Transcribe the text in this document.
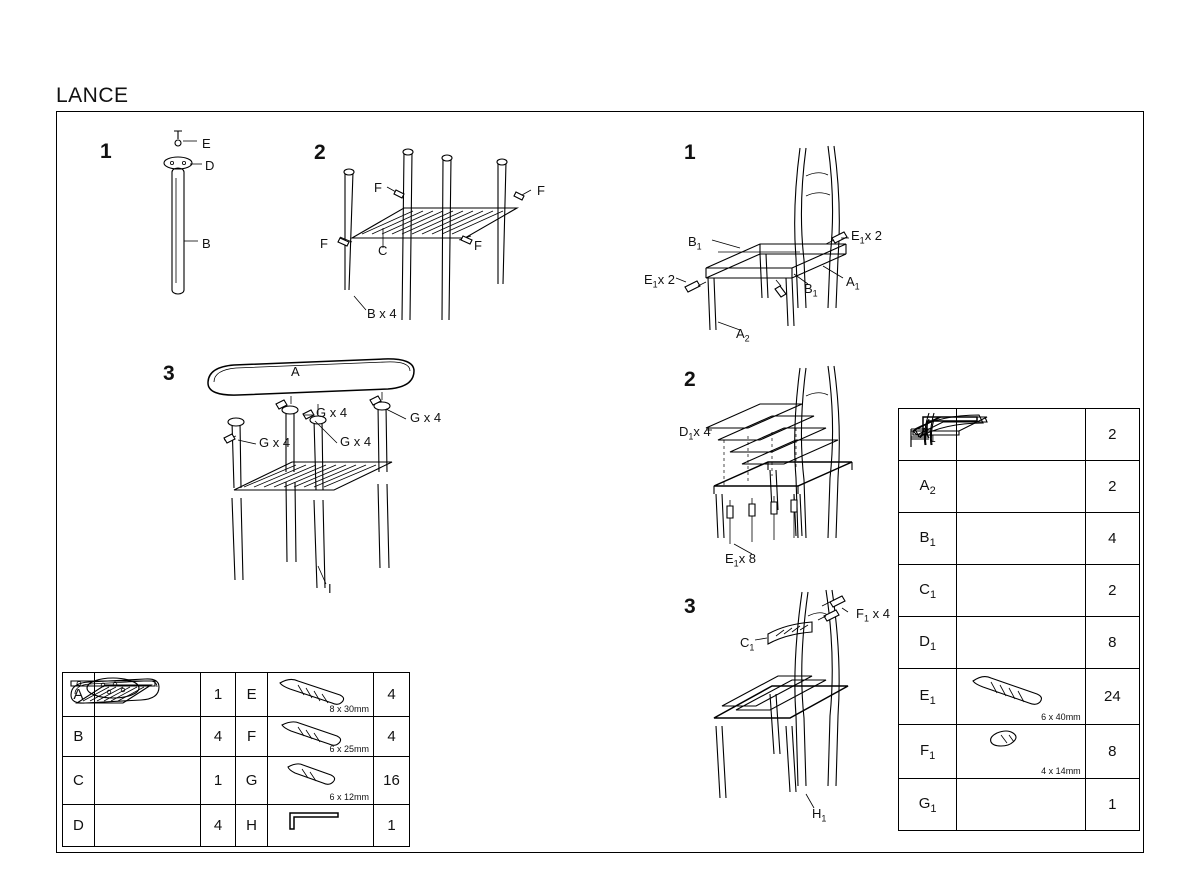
LANCE
1	2
3
E
D
B
F	F
F	F
C
B x 4
A
G x 4	G x 4
G x 4	G x 4
I
1
2
3
$B_1$
$E_1x$ 2
$E_1x$ 2
$B_1$
$A_1$
$A_2$
$D_1x$ 4
$E_1x$ 8
$F_1$ x 4
$C_1$
$H_1$
A		1	E	8 x 30mm	4
B		4	F	6 x 25mm	4
C		1	G	6 x 12mm	16
D		4	H		1
$A_1$		2
$A_2$		2
$B_1$		4
$C_1$		2
$D_1$		8
$E_1$	6 x 40mm	24
$F_1$	4 x 14mm	8
$G_1$		1
